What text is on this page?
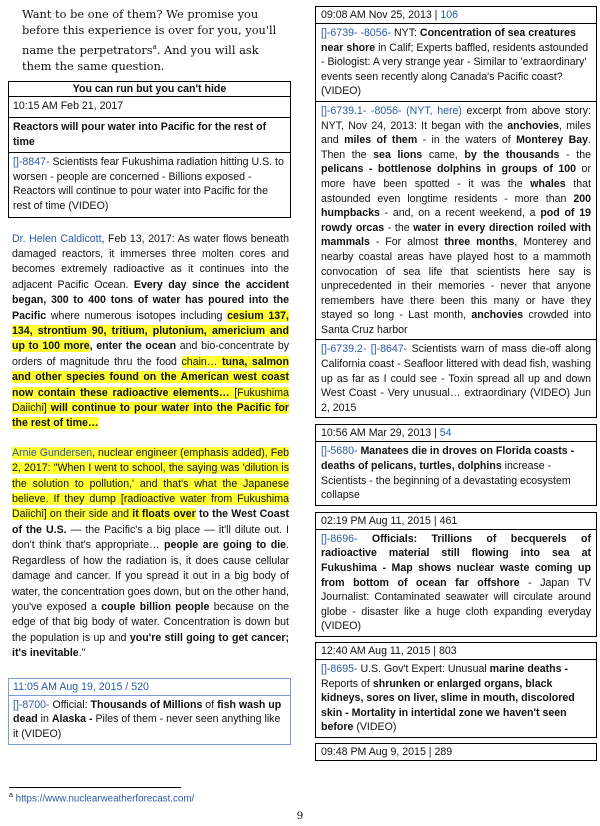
Want to be one of them? We promise you before this experience is over for you, you'll name the perpetrators$^a$. And you will ask them the same question.

You can run but you can't hide
10:15 AM Feb 21, 2017
Reactors will pour water into Pacific for the rest of time
[]-8847- Scientists fear Fukushima radiation hitting U.S. to worsen - people are concerned - Billions exposed - Reactors will continue to pour water into Pacific for the rest of time (VIDEO)

Dr. Helen Caldicott, Feb 13, 2017: As water flows beneath damaged reactors, it immerses three molten cores and becomes extremely radioactive as it continues into the adjacent Pacific Ocean. Every day since the accident began, 300 to 400 tons of water has poured into the Pacific where numerous isotopes including cesium 137, 134, strontium 90, tritium, plutonium, americium and up to 100 more, enter the ocean and bio-concentrate by orders of magnitude thru the food chain… tuna, salmon and other species found on the American west coast now contain these radioactive elements… [Fukushima Daiichi] will continue to pour water into the Pacific for the rest of time…

Arnie Gundersen, nuclear engineer (emphasis added), Feb 2, 2017: "When I went to school, the saying was 'dilution is the solution to pollution,' and that's what the Japanese believe. If they dump [radioactive water from Fukushima Daiichi] on their side and it floats over to the West Coast of the U.S. — the Pacific's a big place — it'll dilute out. I don't think that's appropriate… people are going to die. Regardless of how the radiation is, it does cause cellular damage and cancer. If you spread it out in a big body of water, the concentration goes down, but on the other hand, you've exposed a couple billion people because on the edge of that big body of water. Concentration is down but the population is up and you're still going to get cancer; it's inevitable."

11:05 AM Aug 19, 2015 / 520
[]-8700- Official: Thousands of Millions of fish wash up dead in Alaska - Piles of them - never seen anything like it (VIDEO)
09:08 AM Nov 25, 2013 | 106
[]-6739- -8056- NYT: Concentration of sea creatures near shore in Calif; Experts baffled, residents astounded - Biologist: A very strange year - Similar to 'extraordinary' events seen recently along Canada's Pacific coast? (VIDEO)
[]-6739.1- -8056- (NYT, here) excerpt from above story: NYT, Nov 24, 2013: It began with the anchovies, miles and miles of them - in the waters of Monterey Bay. Then the sea lions came, by the thousands - the pelicans - bottlenose dolphins in groups of 100 or more have been spotted - it was the whales that astounded even longtime residents - more than 200 humpbacks - and, on a recent weekend, a pod of 19 rowdy orcas - the water in every direction roiled with mammals - For almost three months, Monterey and nearby coastal areas have played host to a mammoth convocation of sea life that scientists here say is unprecedented in their memories - never that anyone remembers have there been this many or have they stayed so long - Last month, anchovies crowded into Santa Cruz harbor
[]-6739.2- []-8647- Scientists warn of mass die-off along California coast - Seafloor littered with dead fish, washing up as far as I could see - Toxin spread all up and down West Coast - Very unusual… extraordinary (VIDEO) Jun 2, 2015
10:56 AM Mar 29, 2013 | 54
[]-5680- Manatees die in droves on Florida coasts - deaths of pelicans, turtles, dolphins increase - Scientists - the beginning of a devastating ecosystem collapse
02:19 PM Aug 11, 2015 | 461
[]-8696- Officials: Trillions of becquerels of radioactive material still flowing into sea at Fukushima - Map shows nuclear waste coming up from bottom of ocean far offshore - Japan TV Journalist: Contaminated seawater will circulate around globe - disaster like a huge cloth expanding everyday (VIDEO)
12:40 AM Aug 11, 2015 | 803
[]-8695- U.S. Gov't Expert: Unusual marine deaths - Reports of shrunken or enlarged organs, black kidneys, sores on liver, slime in mouth, discolored skin - Mortality in intertidal zone we haven't seen before (VIDEO)
09:48 PM Aug 9, 2015 | 289
$^a$ https://www.nuclearweatherforecast.com/
9
